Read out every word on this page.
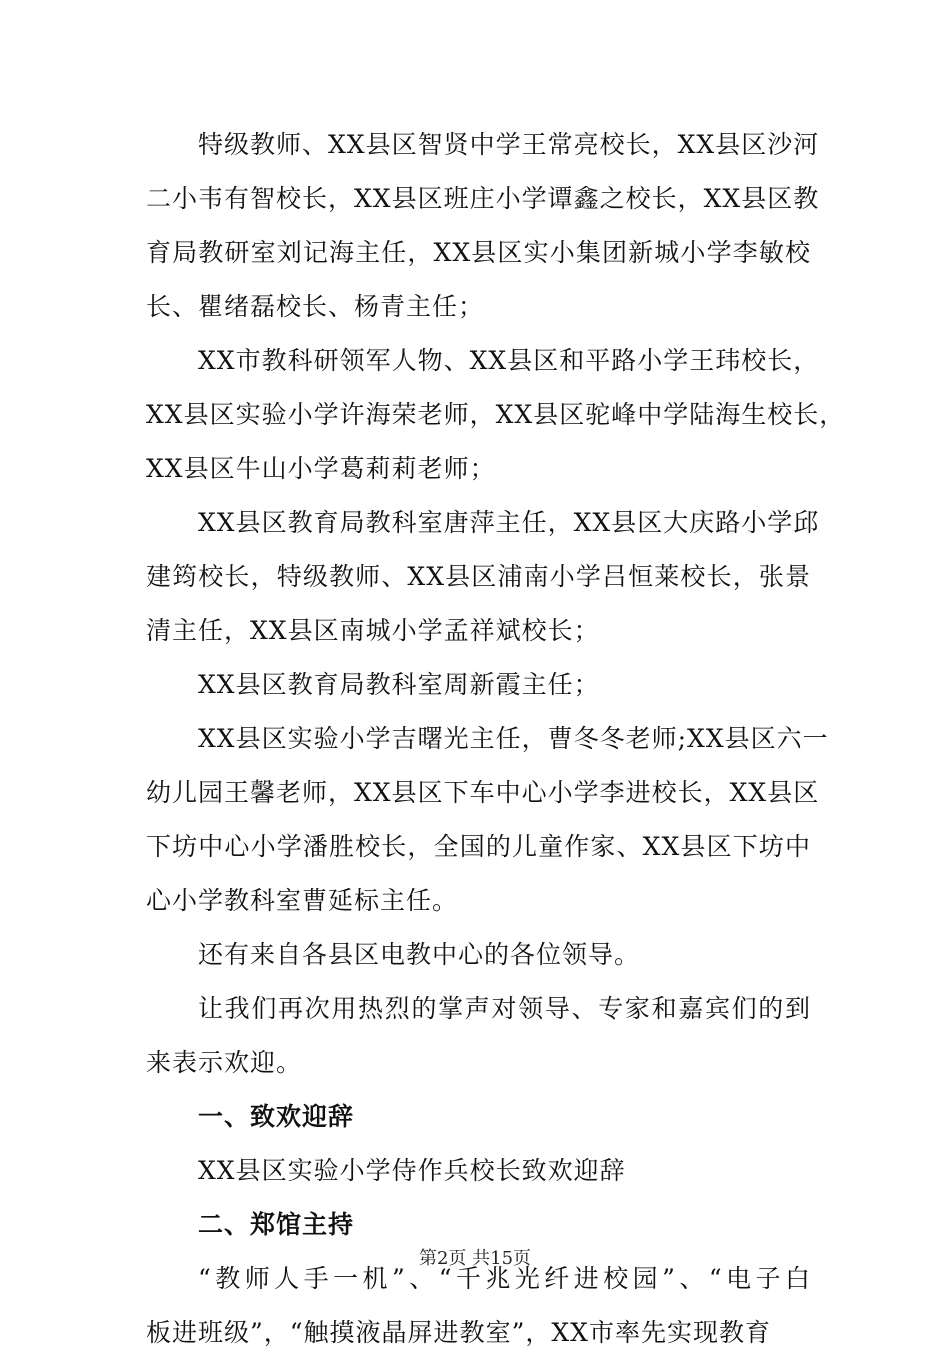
特级教师、XX县区智贤中学王常亮校长，XX县区沙河
二小韦有智校长，XX县区班庄小学谭鑫之校长，XX县区教
育局教研室刘记海主任，XX县区实小集团新城小学李敏校
长、瞿绪磊校长、杨青主任；
XX市教科研领军人物、XX县区和平路小学王玮校长，
XX县区实验小学许海荣老师，XX县区驼峰中学陆海生校长，
XX县区牛山小学葛莉莉老师；
XX县区教育局教科室唐萍主任，XX县区大庆路小学邱
建筠校长，特级教师、XX县区浦南小学吕恒莱校长，张景
清主任，XX县区南城小学孟祥斌校长；
XX县区教育局教科室周新霞主任；
XX县区实验小学吉曙光主任，曹冬冬老师;XX县区六一
幼儿园王馨老师，XX县区下车中心小学李进校长，XX县区
下坊中心小学潘胜校长，全国的儿童作家、XX县区下坊中
心小学教科室曹延标主任。
还有来自各县区电教中心的各位领导。
让我们再次用热烈的掌声对领导、专家和嘉宾们的到
来表示欢迎。
一、致欢迎辞
XX县区实验小学侍作兵校长致欢迎辞
二、郑馆主持
“教师人手一机”、“千兆光纤进校园”、“电子白
板进班级”，“触摸液晶屏进教室”，XX市率先实现教育
第2页 共15页
